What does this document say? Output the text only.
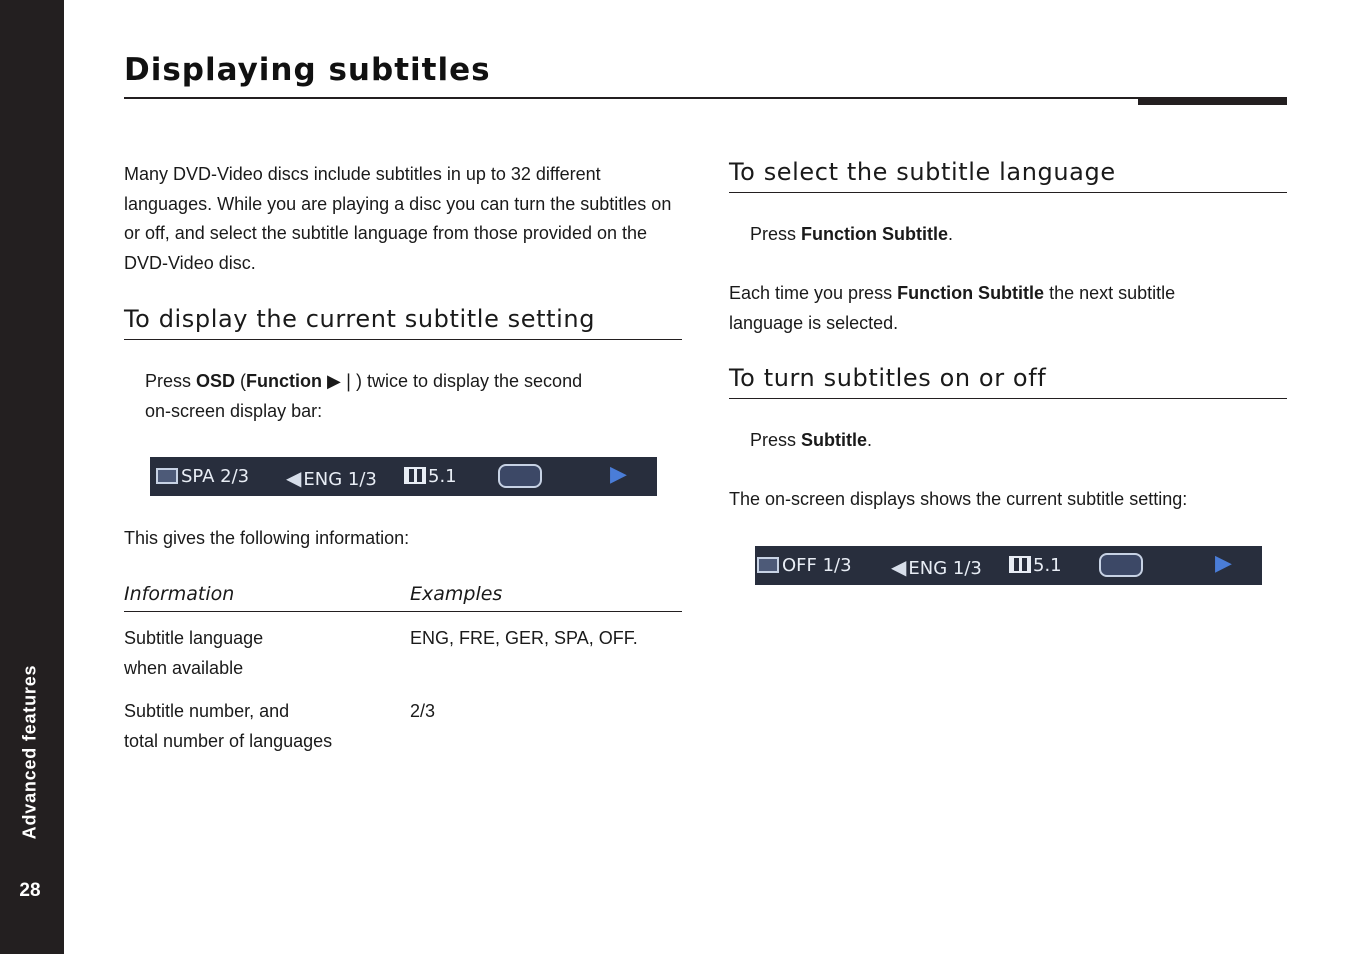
Advanced features
28
Displaying subtitles

Many DVD-Video discs include subtitles in up to 32 different languages. While you are playing a disc you can turn the subtitles on or off, and select the subtitle language from those provided on the DVD-Video disc.

To display the current subtitle setting
Press OSD (Function ▶❘) twice to display the second
on-screen display bar:
SPA 2/3 ◀ ENG 1/3	5.1	▶

This gives the following information:

Information	Examples
Subtitle language
when available	ENG, FRE, GER, SPA, OFF.
Subtitle number, and
total number of languages	2/3
To select the subtitle language

Press Function Subtitle.

Each time you press Function Subtitle the next subtitle
language is selected.

To turn subtitles on or off

Press Subtitle.

The on-screen displays shows the current subtitle setting:

OFF 1/3 ◀ ENG 1/3	5.1	▶
